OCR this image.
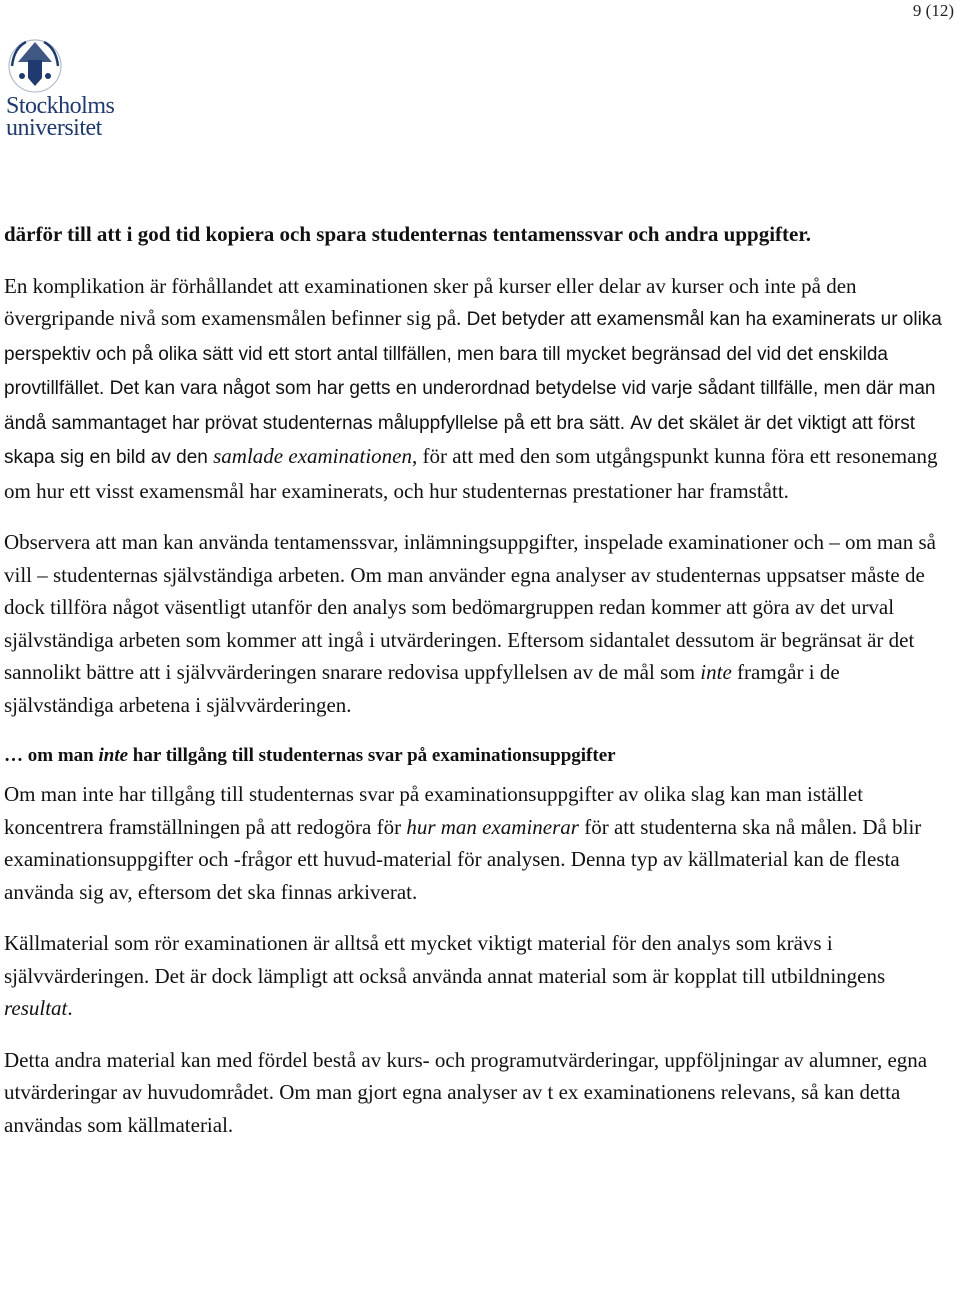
9 (12)
Stockholms
universitet

därför till att i god tid kopiera och spara studenternas tentamenssvar och andra uppgifter.

En komplikation är förhållandet att examinationen sker på kurser eller delar av kurser och inte på den övergripande nivå som examensmålen befinner sig på. Det betyder att examensmål kan ha examinerats ur olika perspektiv och på olika sätt vid ett stort antal tillfällen, men bara till mycket begränsad del vid det enskilda provtillfället. Det kan vara något som har getts en underordnad betydelse vid varje sådant tillfälle, men där man ändå sammantaget har prövat studenternas måluppfyllelse på ett bra sätt. Av det skälet är det viktigt att först skapa sig en bild av den samlade examinationen, för att med den som utgångspunkt kunna föra ett resonemang om hur ett visst examensmål har examinerats, och hur studenternas prestationer har framstått.

Observera att man kan använda tentamenssvar, inlämningsuppgifter, inspelade examinationer och – om man så vill – studenternas självständiga arbeten. Om man använder egna analyser av studenternas uppsatser måste de dock tillföra något väsentligt utanför den analys som bedömargruppen redan kommer att göra av det urval självständiga arbeten som kommer att ingå i utvärderingen. Eftersom sidantalet dessutom är begränsat är det sannolikt bättre att i självvärderingen snarare redovisa uppfyllelsen av de mål som inte framgår i de självständiga arbetena i självvärderingen.

… om man inte har tillgång till studenternas svar på examinationsuppgifter

Om man inte har tillgång till studenternas svar på examinationsuppgifter av olika slag kan man istället koncentrera framställningen på att redogöra för hur man examinerar för att studenterna ska nå målen. Då blir examinationsuppgifter och -frågor ett huvud-material för analysen. Denna typ av källmaterial kan de flesta använda sig av, eftersom det ska finnas arkiverat.

Källmaterial som rör examinationen är alltså ett mycket viktigt material för den analys som krävs i självvärderingen. Det är dock lämpligt att också använda annat material som är kopplat till utbildningens resultat.

Detta andra material kan med fördel bestå av kurs- och programutvärderingar, uppföljningar av alumner, egna utvärderingar av huvudområdet. Om man gjort egna analyser av t ex examinationens relevans, så kan detta användas som källmaterial.
